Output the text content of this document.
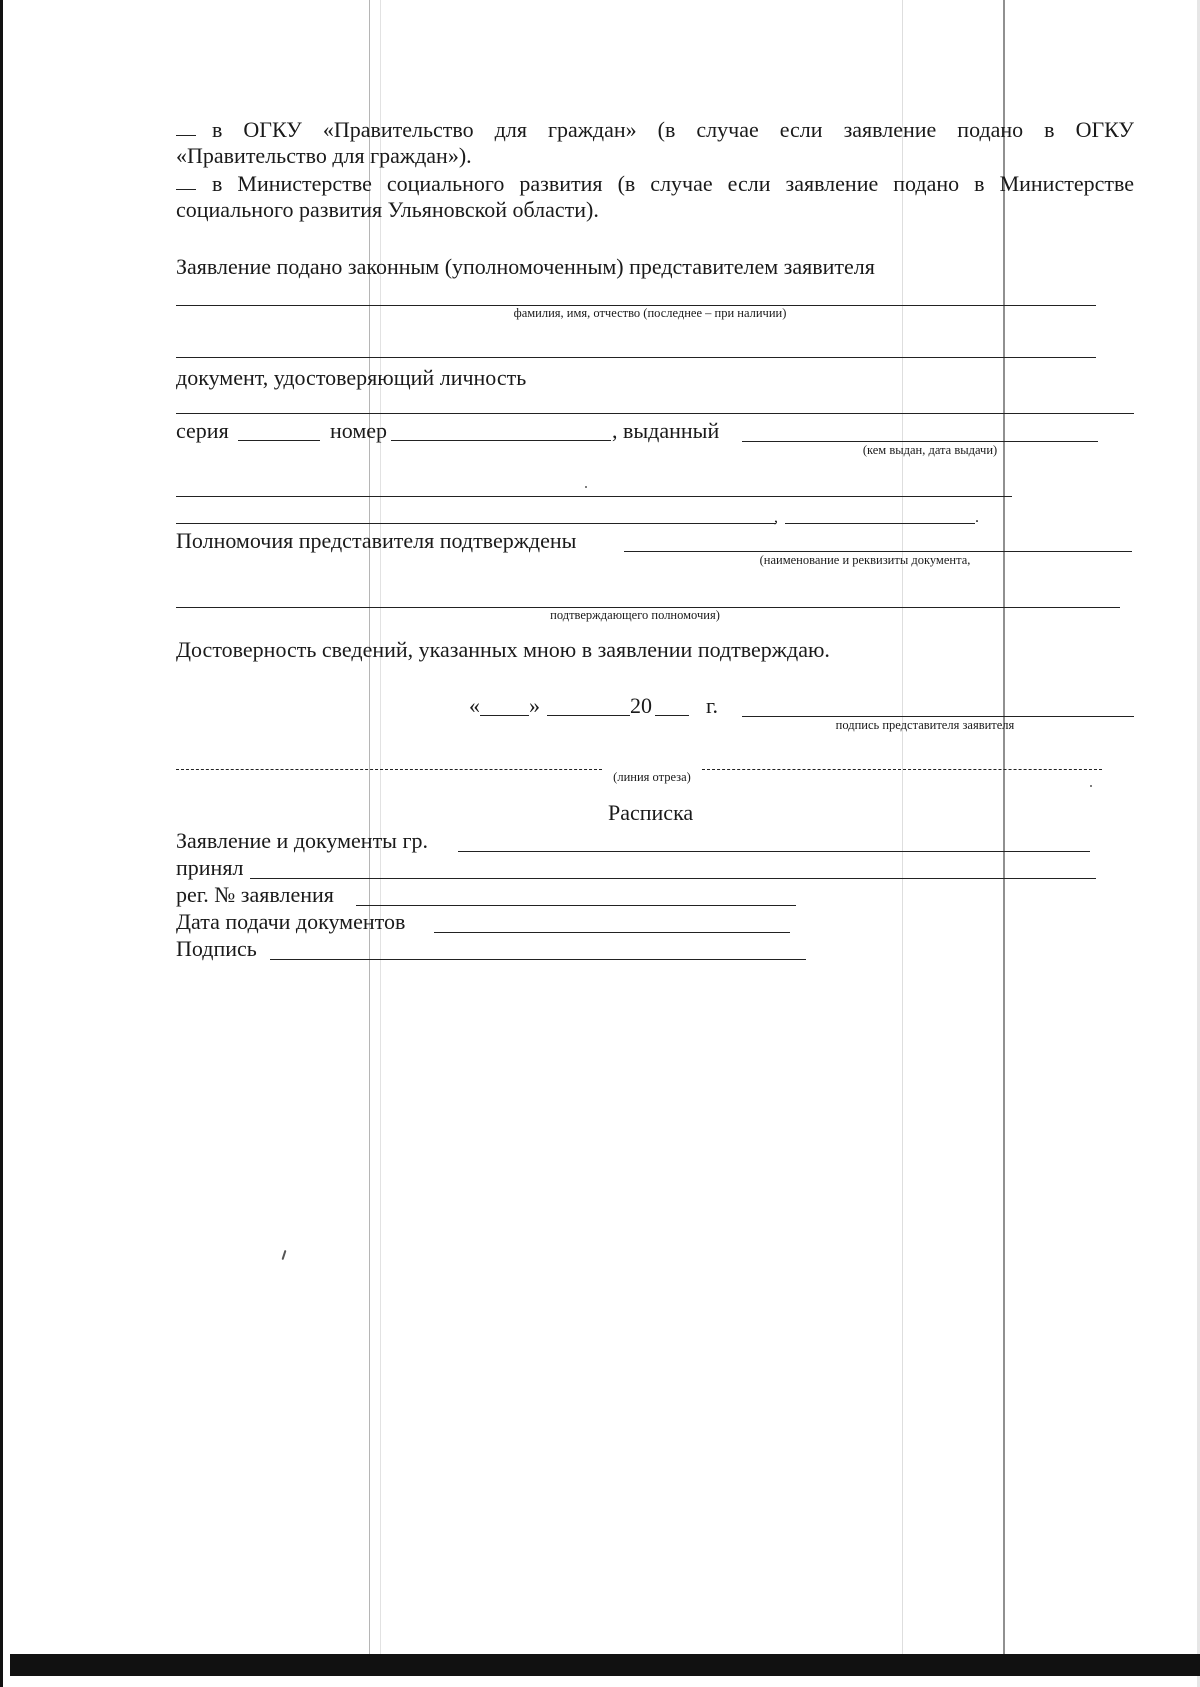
в ОГКУ «Правительство для граждан» (в случае если заявление подано в ОГКУ
«Правительство для граждан»).
в Министерстве социального развития (в случае если заявление подано в Министерстве
социального развития Ульяновской области).
Заявление подано законным (уполномоченным) представителем заявителя
фамилия, имя, отчество (последнее – при наличии)
документ, удостоверяющий личность
серия	номер	, выданный
(кем выдан, дата выдачи)
,	.
Полномочия представителя подтверждены
(наименование и реквизиты документа,
подтверждающего полномочия)
Достоверность сведений, указанных мною в заявлении подтверждаю.
« »	20 г.
подпись представителя заявителя
(линия отреза)
Расписка
Заявление и документы гр.
принял
рег. № заявления
Дата подачи документов
Подпись
